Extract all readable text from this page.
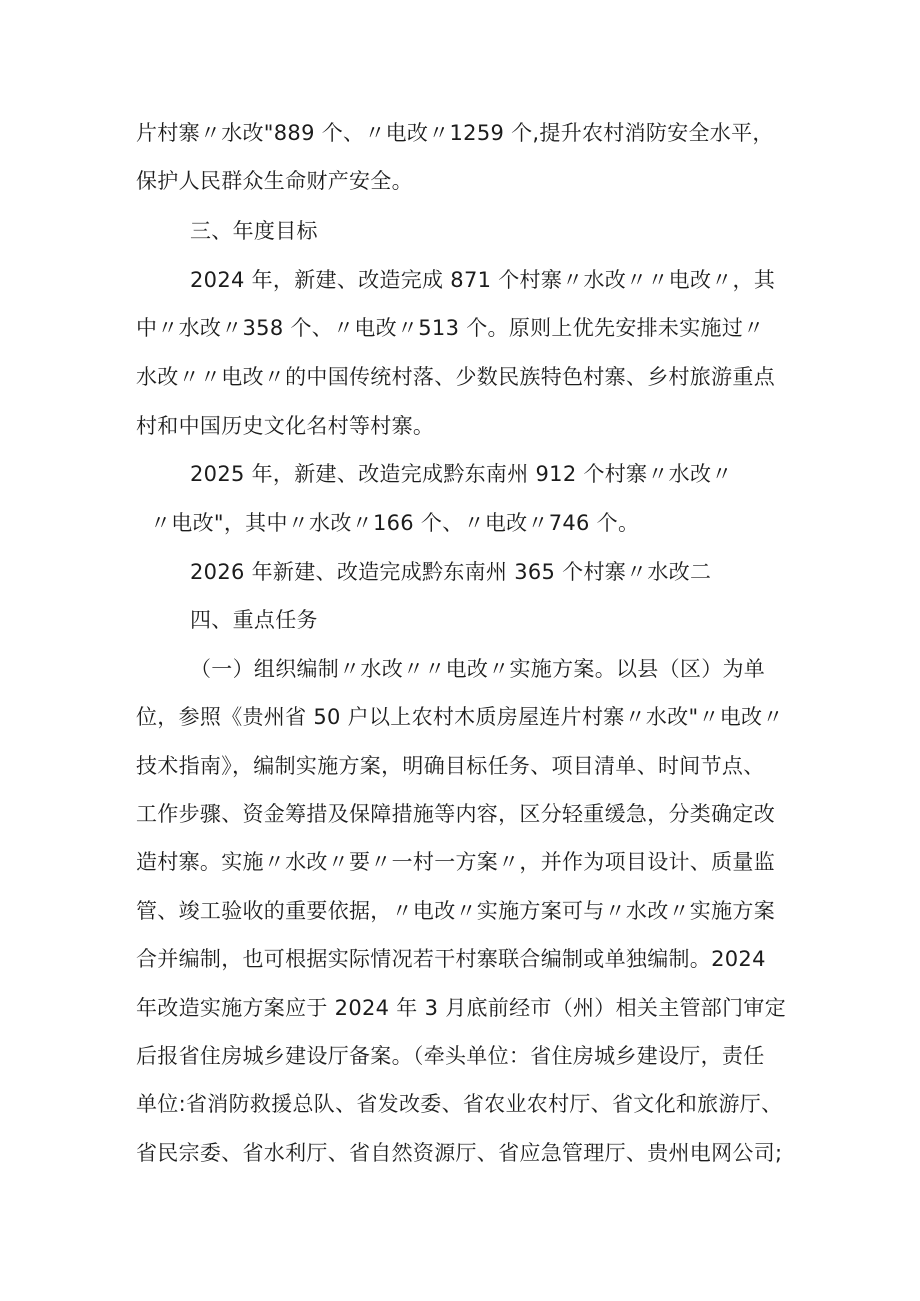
片村寨〃水改"889 个、〃电改〃1259 个,提升农村消防安全水平，
保护人民群众生命财产安全。
三、年度目标
2024 年，新建、改造完成 871 个村寨〃水改〃〃电改〃，其
中〃水改〃358 个、〃电改〃513 个。原则上优先安排未实施过〃
水改〃〃电改〃的中国传统村落、少数民族特色村寨、乡村旅游重点
村和中国历史文化名村等村寨。
2025 年，新建、改造完成黔东南州 912 个村寨〃水改〃
〃电改"，其中〃水改〃166 个、〃电改〃746 个。
2026 年新建、改造完成黔东南州 365 个村寨〃水改二
四、重点任务
（一）组织编制〃水改〃〃电改〃实施方案。以县（区）为单
位，参照《贵州省 50 户以上农村木质房屋连片村寨〃水改"〃电改〃
技术指南》，编制实施方案，明确目标任务、项目清单、时间节点、
工作步骤、资金筹措及保障措施等内容，区分轻重缓急，分类确定改
造村寨。实施〃水改〃要〃一村一方案〃，并作为项目设计、质量监
管、竣工验收的重要依据，〃电改〃实施方案可与〃水改〃实施方案
合并编制，也可根据实际情况若干村寨联合编制或单独编制。2024
年改造实施方案应于 2024 年 3 月底前经市（州）相关主管部门审定
后报省住房城乡建设厅备案。（牵头单位：省住房城乡建设厅，责任
单位:省消防救援总队、省发改委、省农业农村厅、省文化和旅游厅、
省民宗委、省水利厅、省自然资源厅、省应急管理厅、贵州电网公司;
